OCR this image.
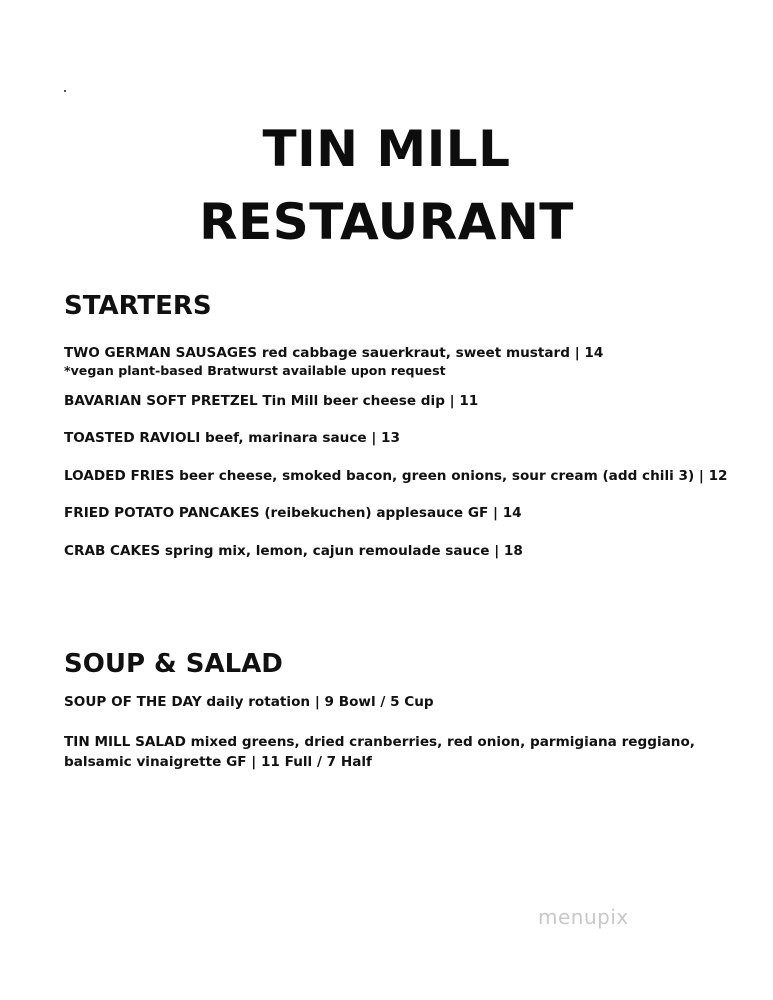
TIN MILL
RESTAURANT
STARTERS
TWO GERMAN SAUSAGES red cabbage sauerkraut, sweet mustard | 14
*vegan plant-based Bratwurst available upon request
BAVARIAN SOFT PRETZEL Tin Mill beer cheese dip | 11
TOASTED RAVIOLI beef, marinara sauce | 13
LOADED FRIES beer cheese, smoked bacon, green onions, sour cream (add chili 3) | 12
FRIED POTATO PANCAKES (reibekuchen) applesauce GF | 14
CRAB CAKES spring mix, lemon, cajun remoulade sauce | 18
SOUP & SALAD
SOUP OF THE DAY daily rotation | 9 Bowl / 5 Cup
TIN MILL SALAD mixed greens, dried cranberries, red onion, parmigiana reggiano, balsamic vinaigrette GF | 11 Full / 7 Half
menupix
